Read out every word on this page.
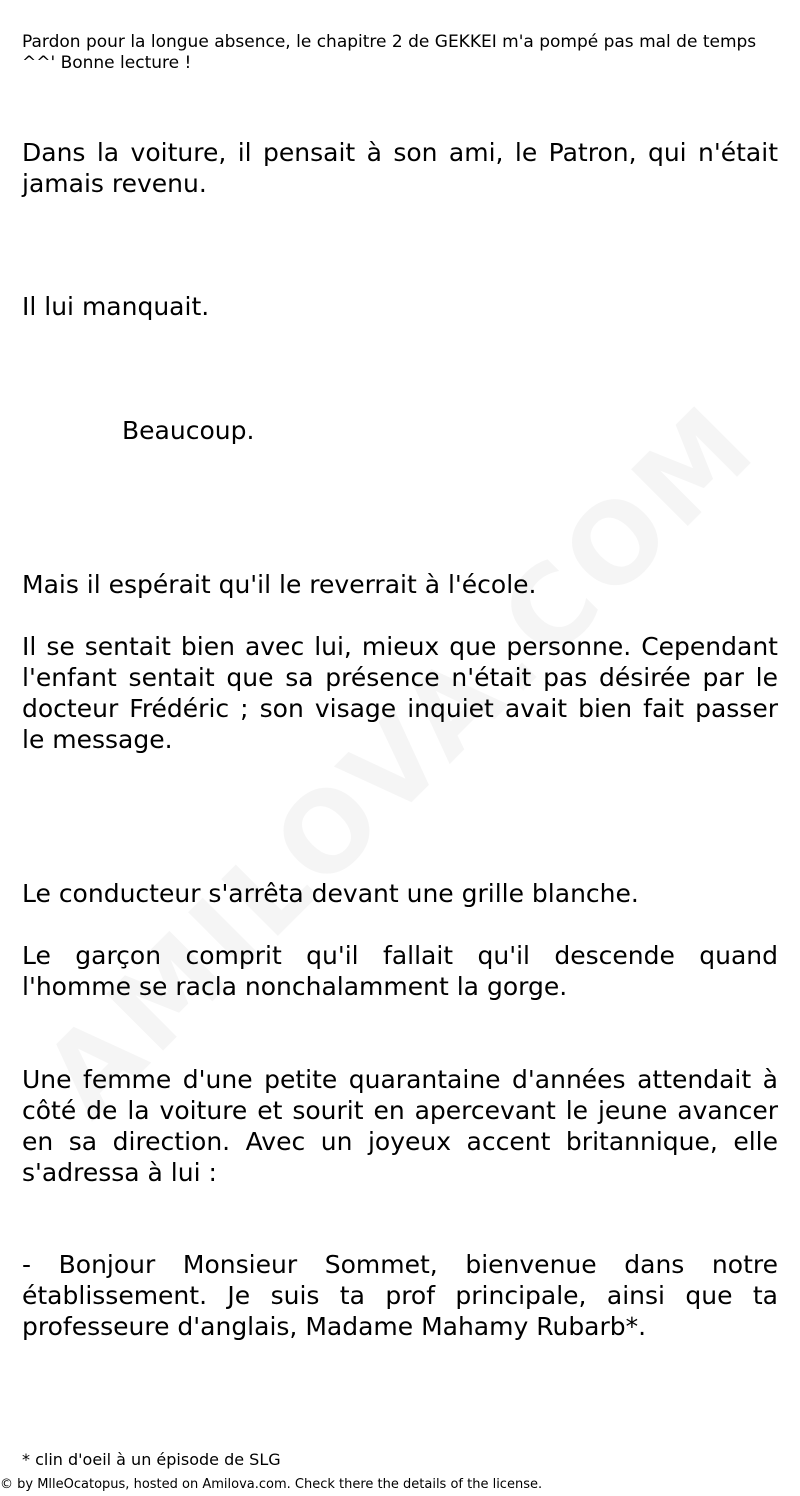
Pardon pour la longue absence, le chapitre 2 de GEKKEI m'a pompé pas mal de temps ^^' Bonne lecture !

Dans la voiture, il pensait à son ami, le Patron, qui n'était jamais revenu.

Il lui manquait.

Beaucoup.

Mais il espérait qu'il le reverrait à l'école.

Il se sentait bien avec lui, mieux que personne. Cependant l'enfant sentait que sa présence n'était pas désirée par le docteur Frédéric ; son visage inquiet avait bien fait passer le message.

Le conducteur s'arrêta devant une grille blanche.

Le garçon comprit qu'il fallait qu'il descende quand l'homme se racla nonchalamment la gorge.

Une femme d'une petite quarantaine d'années attendait à côté de la voiture et sourit en apercevant le jeune avancer en sa direction. Avec un joyeux accent britannique, elle s'adressa à lui :

- Bonjour Monsieur Sommet, bienvenue dans notre établissement. Je suis ta prof principale, ainsi que ta professeure d'anglais, Madame Mahamy Rubarb*.

* clin d'oeil à un épisode de SLG

© by MlleOcatopus, hosted on Amilova.com. Check there the details of the license.
